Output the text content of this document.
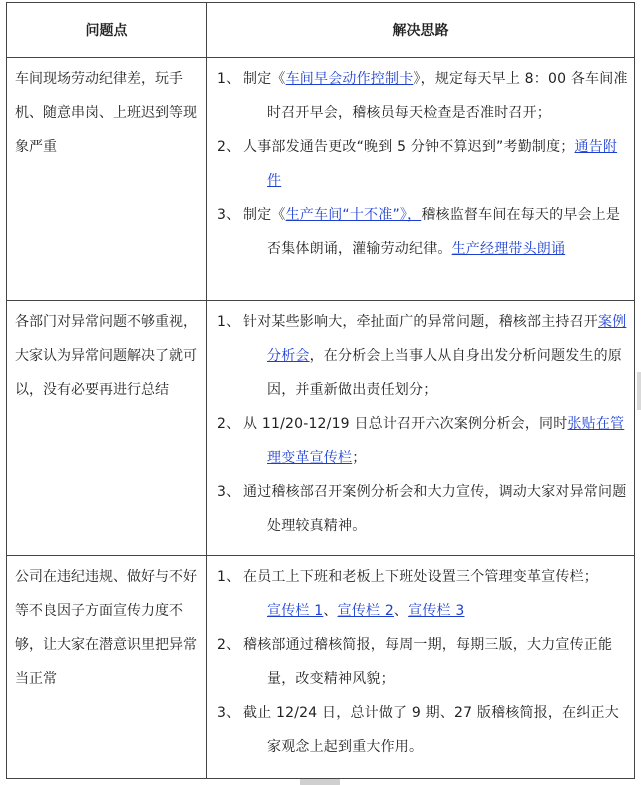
问题点	解决思路
车间现场劳动纪律差，玩手机、随意串岗、上班迟到等现象严重	1、 制定《车间早会动作控制卡》，规定每天早上 8：00 各车间准时召开早会，稽核员每天检查是否准时召开；
2、 人事部发通告更改“晚到 5 分钟不算迟到”考勤制度；通告附件
3、 制定《生产车间“十不准”》，稽核监督车间在每天的早会上是否集体朗诵，灌输劳动纪律。生产经理带头朗诵

各部门对异常问题不够重视，大家认为异常问题解决了就可以，没有必要再进行总结	1、 针对某些影响大，牵扯面广的异常问题，稽核部主持召开案例分析会，在分析会上当事人从自身出发分析问题发生的原因，并重新做出责任划分；
2、 从 11/20-12/19 日总计召开六次案例分析会，同时张贴在管理变革宣传栏；
3、 通过稽核部召开案例分析会和大力宣传，调动大家对异常问题处理较真精神。

公司在违纪违规、做好与不好等不良因子方面宣传力度不够，让大家在潜意识里把异常当正常	1、 在员工上下班和老板上下班处设置三个管理变革宣传栏；
宣传栏 1、宣传栏 2、宣传栏 3
2、 稽核部通过稽核简报，每周一期，每期三版，大力宣传正能量，改变精神风貌；
3、 截止 12/24 日，总计做了 9 期、27 版稽核简报，在纠正大家观念上起到重大作用。
